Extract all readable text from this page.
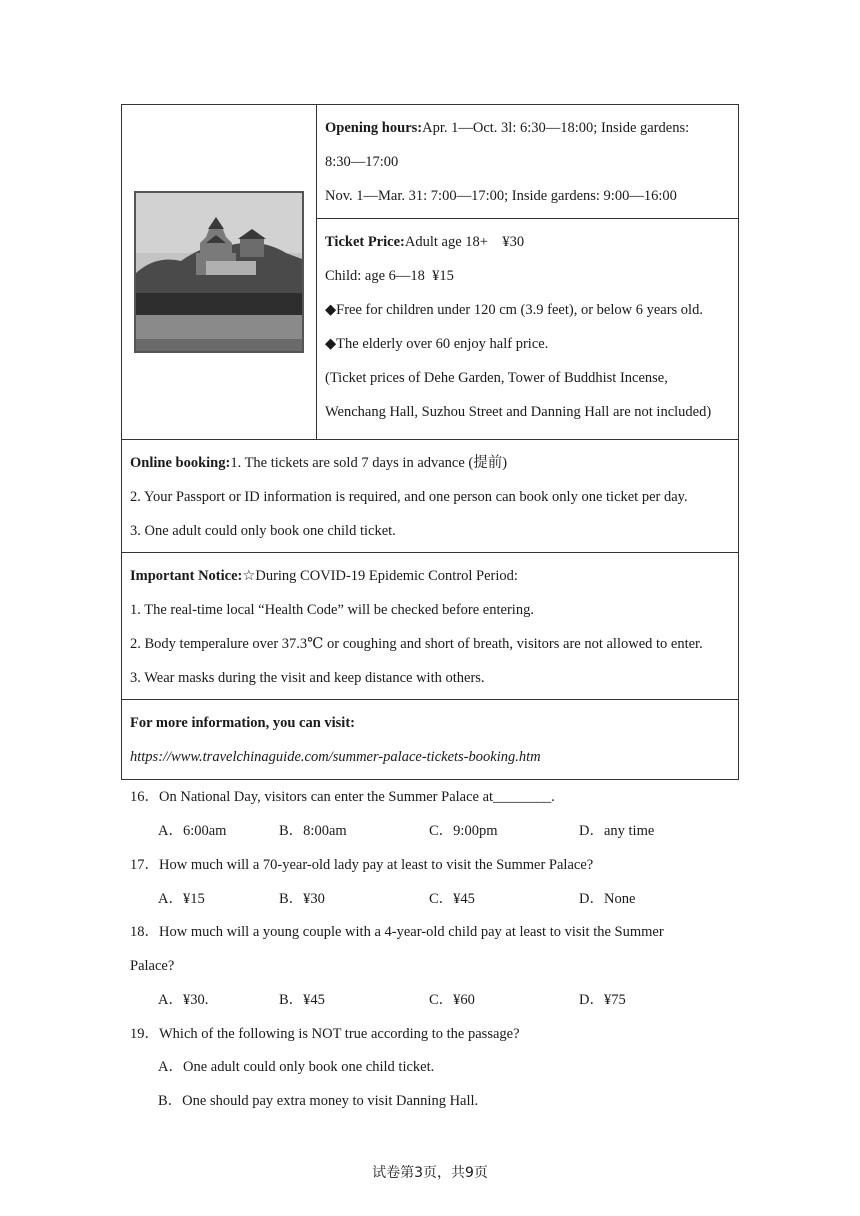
Opening hours:Apr. 1—Oct. 3l: 6:30—18:00; Inside gardens:
8:30—17:00
Nov. 1—Mar. 31: 7:00—17:00; Inside gardens: 9:00—16:00

Ticket Price:Adult age 18+    ¥30
Child: age 6—18  ¥15
◆Free for children under 120 cm (3.9 feet), or below 6 years old.
◆The elderly over 60 enjoy half price.
(Ticket prices of Dehe Garden, Tower of Buddhist Incense,
Wenchang Hall, Suzhou Street and Danning Hall are not included)

Online booking:1. The tickets are sold 7 days in advance (提前)
2. Your Passport or ID information is required, and one person can book only one ticket per day.
3. One adult could only book one child ticket.

Important Notice:☆During COVID-19 Epidemic Control Period:
1. The real-time local “Health Code” will be checked before entering.
2. Body temperalure over 37.3℃ or coughing and short of breath, visitors are not allowed to enter.
3. Wear masks during the visit and keep distance with others.

For more information, you can visit:
https://www.travelchinaguide.com/summer-palace-tickets-booking.htm
16．On National Day, visitors can enter the Summer Palace at________.
A．6:00am	B．8:00am	C．9:00pm	D．any time
17．How much will a 70-year-old lady pay at least to visit the Summer Palace?
A．¥15	B．¥30	C．¥45	D．None
18．How much will a young couple with a 4-year-old child pay at least to visit the Summer
Palace?
A．¥30.	B．¥45	C．¥60	D．¥75
19．Which of the following is NOT true according to the passage?
A．One adult could only book one child ticket.
B．One should pay extra money to visit Danning Hall.
试卷第3页，共9页
